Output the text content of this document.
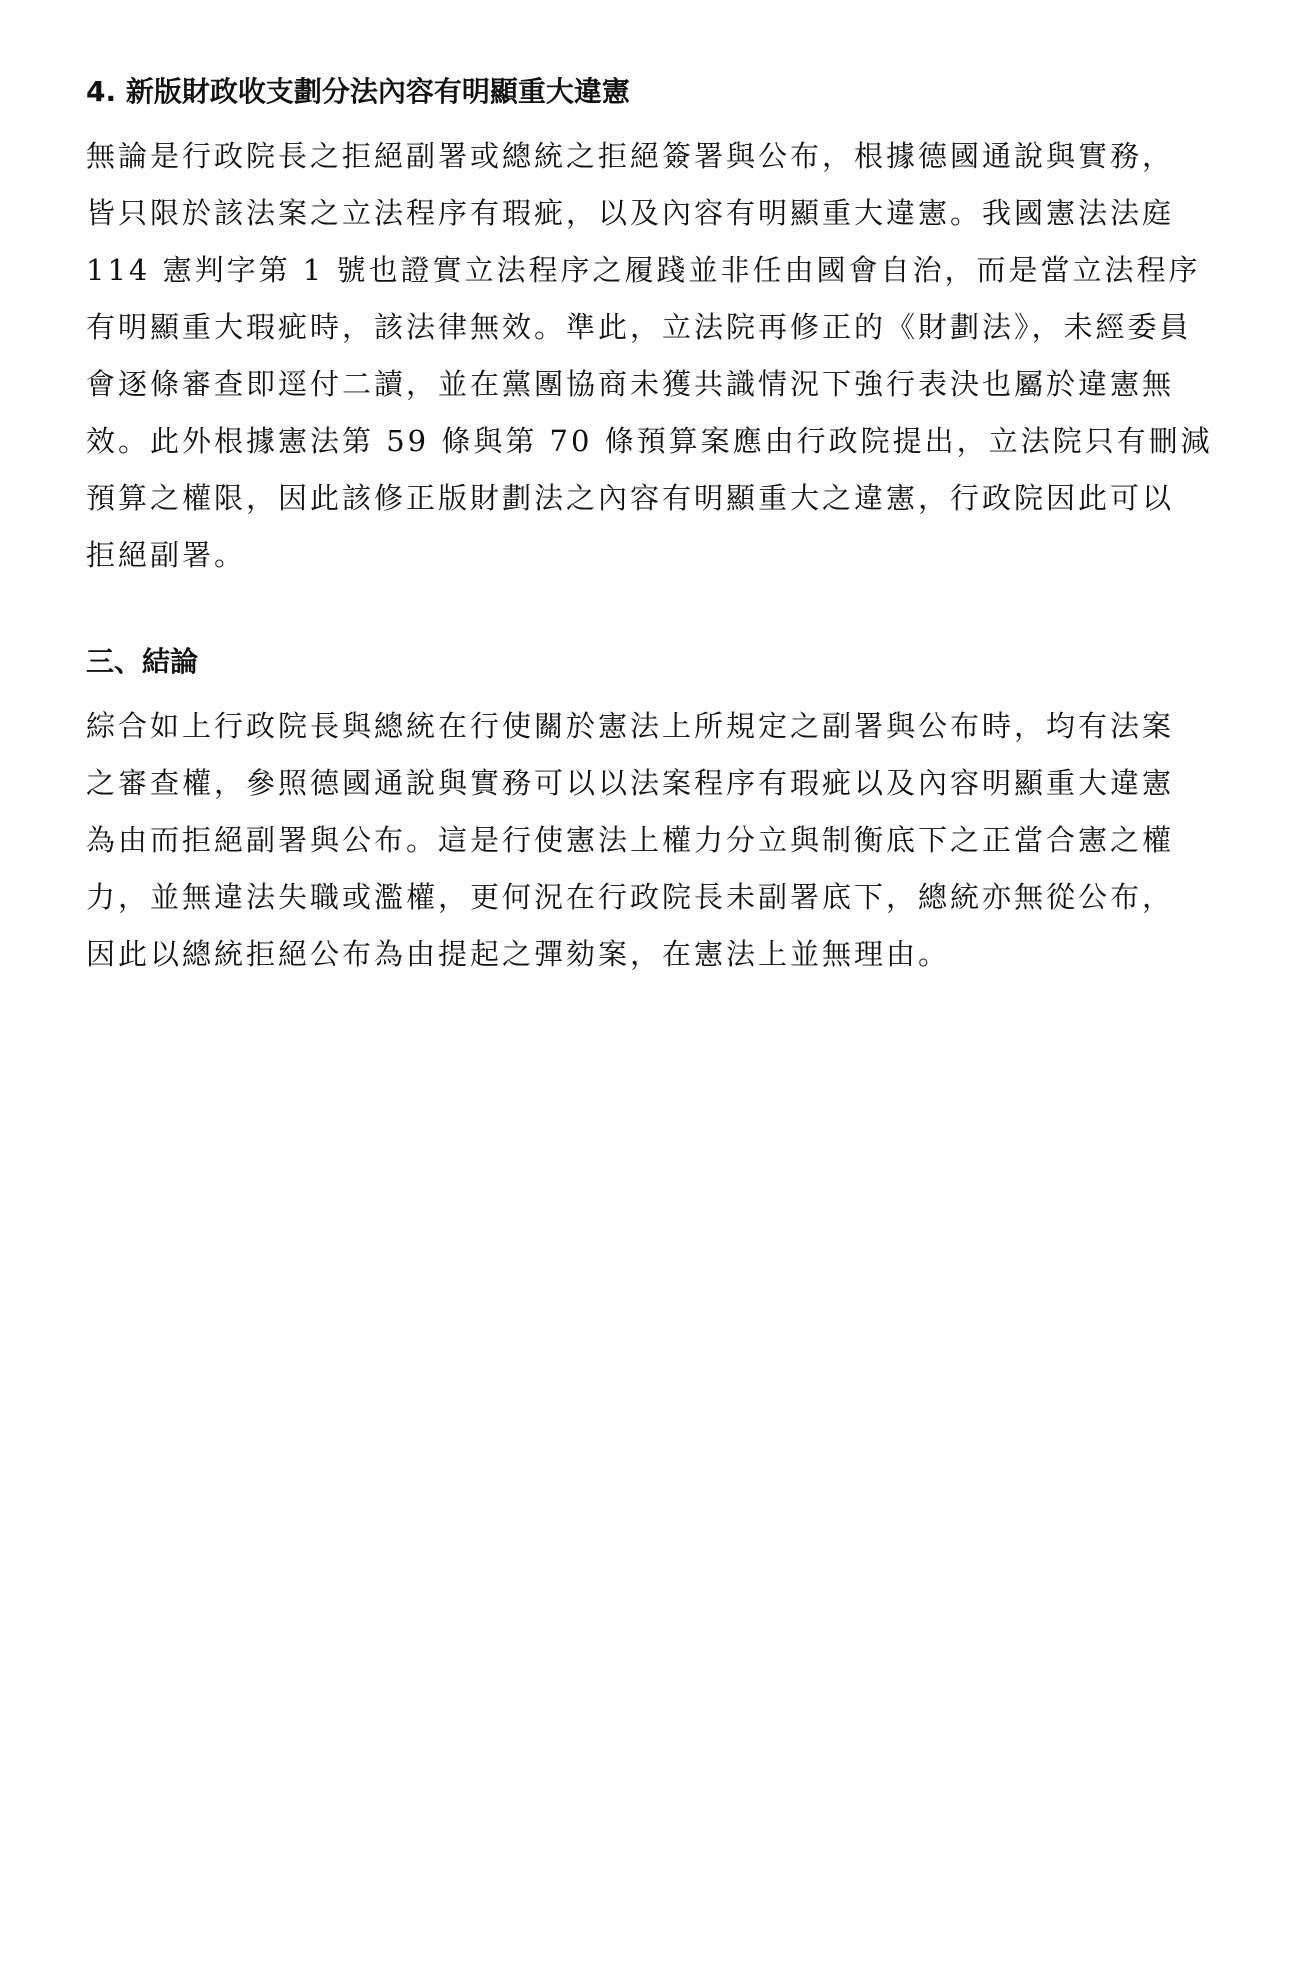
4. 新版財政收支劃分法內容有明顯重大違憲
無論是行政院長之拒絕副署或總統之拒絕簽署與公布，根據德國通說與實務，
皆只限於該法案之立法程序有瑕疵，以及內容有明顯重大違憲。我國憲法法庭
114 憲判字第 1 號也證實立法程序之履踐並非任由國會自治，而是當立法程序
有明顯重大瑕疵時，該法律無效。準此，立法院再修正的《財劃法》，未經委員
會逐條審查即逕付二讀，並在黨團協商未獲共識情況下強行表決也屬於違憲無
效。此外根據憲法第 59 條與第 70 條預算案應由行政院提出，立法院只有刪減
預算之權限，因此該修正版財劃法之內容有明顯重大之違憲，行政院因此可以
拒絕副署。
三、結論
綜合如上行政院長與總統在行使關於憲法上所規定之副署與公布時，均有法案
之審查權，參照德國通說與實務可以以法案程序有瑕疵以及內容明顯重大違憲
為由而拒絕副署與公布。這是行使憲法上權力分立與制衡底下之正當合憲之權
力，並無違法失職或濫權，更何況在行政院長未副署底下，總統亦無從公布，
因此以總統拒絕公布為由提起之彈劾案，在憲法上並無理由。
